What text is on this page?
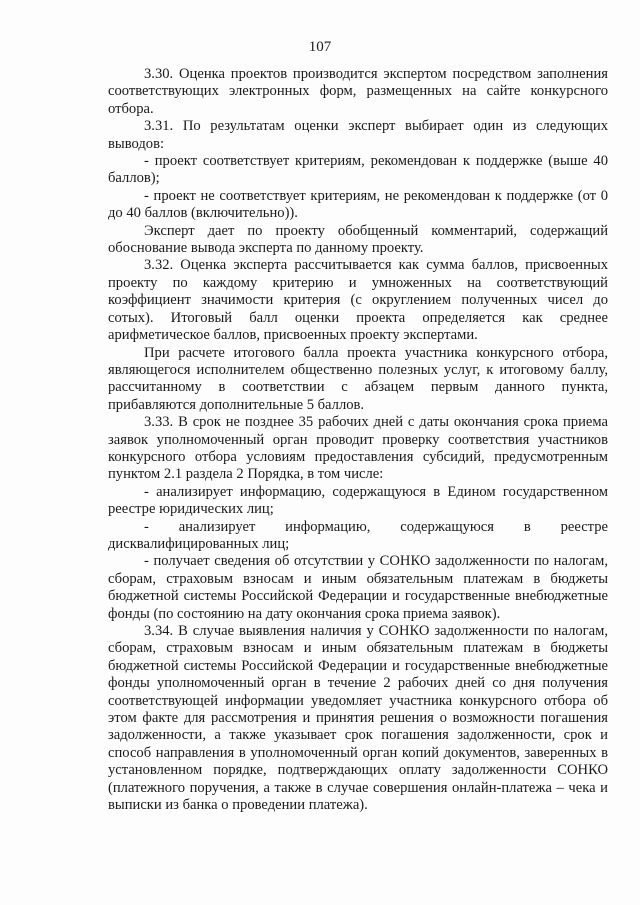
107

3.30. Оценка проектов производится экспертом посредством заполнения соответствующих электронных форм, размещенных на сайте конкурсного отбора.

3.31. По результатам оценки эксперт выбирает один из следующих выводов:

- проект соответствует критериям, рекомендован к поддержке (выше 40 баллов);

- проект не соответствует критериям, не рекомендован к поддержке (от 0 до 40 баллов (включительно)).

Эксперт дает по проекту обобщенный комментарий, содержащий обоснование вывода эксперта по данному проекту.

3.32. Оценка эксперта рассчитывается как сумма баллов, присвоенных проекту по каждому критерию и умноженных на соответствующий коэффициент значимости критерия (с округлением полученных чисел до сотых). Итоговый балл оценки проекта определяется как среднее арифметическое баллов, присвоенных проекту экспертами.

При расчете итогового балла проекта участника конкурсного отбора, являющегося исполнителем общественно полезных услуг, к итоговому баллу, рассчитанному в соответствии с абзацем первым данного пункта, прибавляются дополнительные 5 баллов.

3.33. В срок не позднее 35 рабочих дней с даты окончания срока приема заявок уполномоченный орган проводит проверку соответствия участников конкурсного отбора условиям предоставления субсидий, предусмотренным пунктом 2.1 раздела 2 Порядка, в том числе:

- анализирует информацию, содержащуюся в Едином государственном реестре юридических лиц;

- анализирует информацию, содержащуюся в реестре дисквалифицированных лиц;

- получает сведения об отсутствии у СОНКО задолженности по налогам, сборам, страховым взносам и иным обязательным платежам в бюджеты бюджетной системы Российской Федерации и государственные внебюджетные фонды (по состоянию на дату окончания срока приема заявок).

3.34. В случае выявления наличия у СОНКО задолженности по налогам, сборам, страховым взносам и иным обязательным платежам в бюджеты бюджетной системы Российской Федерации и государственные внебюджетные фонды уполномоченный орган в течение 2 рабочих дней со дня получения соответствующей информации уведомляет участника конкурсного отбора об этом факте для рассмотрения и принятия решения о возможности погашения задолженности, а также указывает срок погашения задолженности, срок и способ направления в уполномоченный орган копий документов, заверенных в установленном порядке, подтверждающих оплату задолженности СОНКО (платежного поручения, а также в случае совершения онлайн-платежа – чека и выписки из банка о проведении платежа).
